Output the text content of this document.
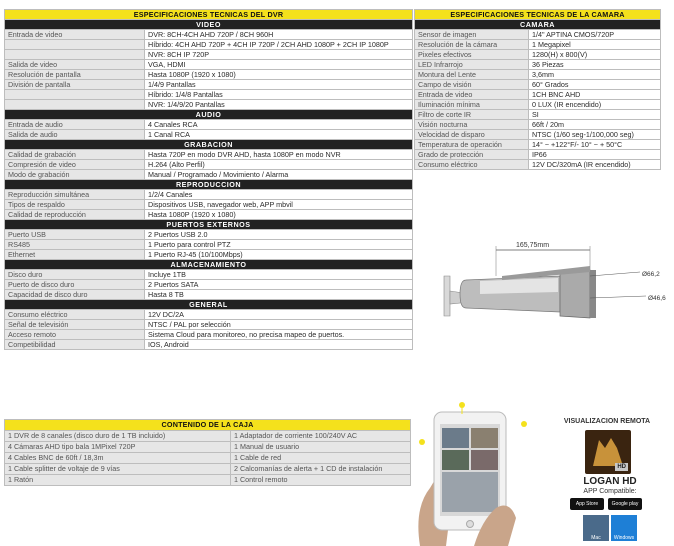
ESPECIFICACIONES TECNICAS DEL DVR	
VIDEO	
Entrada de video	DVR: 8CH-4CH AHD 720P / 8CH 960H
	Híbrido: 4CH AHD 720P + 4CH IP 720P / 2CH AHD 1080P + 2CH IP 1080P
	NVR: 8CH IP 720P
Salida de video	VGA, HDMI
Resolución de pantalla	Hasta 1080P (1920 x 1080)
División de pantalla	1/4/9 Pantallas
	Híbrido: 1/4/8 Pantallas
	NVR: 1/4/9/20 Pantallas
AUDIO	
Entrada de audio	4 Canales RCA
Salida de audio	1 Canal RCA
GRABACION	
Calidad de grabación	Hasta 720P en modo DVR AHD, hasta 1080P en modo NVR
Compresión de video	H.264 (Alto Perfil)
Modo de grabación	Manual / Programado / Movimiento / Alarma
REPRODUCCION	
Reproducción simultánea	1/2/4 Canales
Tipos de respaldo	Dispositivos USB, navegador web, APP mbvil
Calidad de reproducción	Hasta 1080P (1920 x 1080)
PUERTOS EXTERNOS	
Puerto USB	2 Puertos USB 2.0
RS485	1 Puerto para control PTZ
Ethernet	1 Puerto RJ-45 (10/100Mbps)
ALMACENAMIENTO	
Disco duro	Incluye 1TB
Puerto de disco duro	2 Puertos SATA
Capacidad de disco duro	Hasta 8 TB
GENERAL	
Consumo eléctrico	12V DC/2A
Señal de televisión	NTSC / PAL por selección
Acceso remoto	Sistema Cloud para monitoreo, no precisa mapeo de puertos.
Competibilidad	IOS, Android
ESPECIFICACIONES TECNICAS DE LA CAMARA	
CAMARA	
Sensor de imagen	1/4" APTINA CMOS/720P
Resolución de la cámara	1 Megapixel
Pixeles efectivos	1280(H) x 800(V)
LED Infrarrojo	36 Piezas
Montura del Lente	3,6mm
Campo de visión	60° Grados
Entrada de video	1CH BNC AHD
Iluminación mínima	0 LUX (IR encendido)
Filtro de corte IR	SI
Visión nocturna	66ft / 20m
Velocidad de disparo	NTSC (1/60 seg-1/100,000 seg)
Temperatura de operación	14° ~ +122°F/- 10° ~ + 50°C
Grado de protección	IP66
Consumo eléctrico	12V DC/320mA (IR encendido)
165,75mm
Ø66,2
Ø46,6
CONTENIDO DE LA CAJA	
1 DVR de 8 canales (disco duro de 1 TB incluido)	1 Adaptador de corriente 100/240V AC
4 Cámaras AHD tipo bala 1MPixel 720P	1 Manual de usuario
4 Cables BNC de 60ft / 18,3m	1 Cable de red
1 Cable splitter de voltaje de 9 vías	2 Calcomanías de alerta + 1 CD de instalación
1 Ratón	1 Control remoto
VISUALIZACION REMOTA
HD
LOGAN HD
APP Compatible:
App Store	Google play
Mac	Windows
